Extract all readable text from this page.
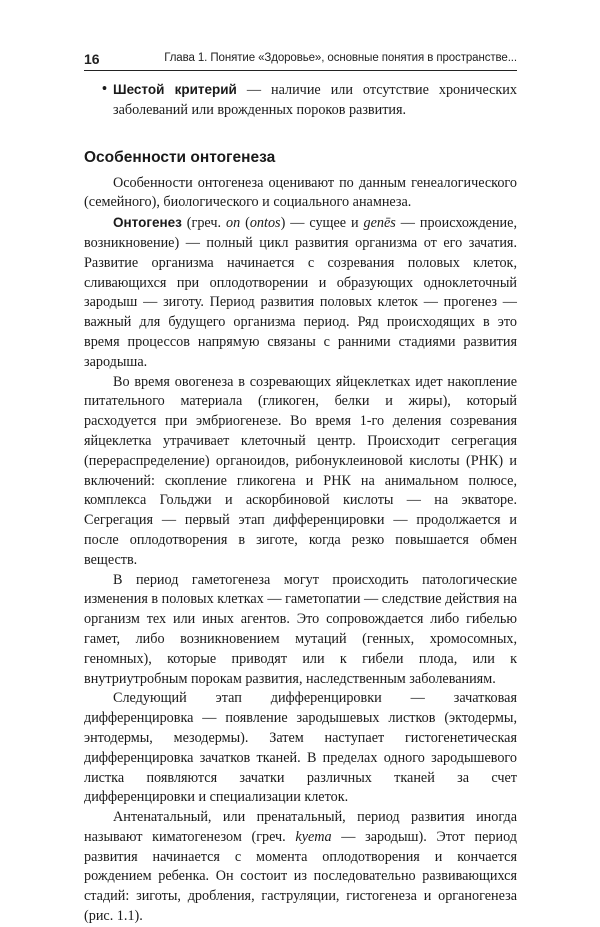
16	Глава 1. Понятие «Здоровье», основные понятия в пространстве...
• Шестой критерий — наличие или отсутствие хронических заболеваний или врожденных пороков развития.
Особенности онтогенеза

Особенности онтогенеза оценивают по данным генеалогического (семейного), биологического и социального анамнеза.

Онтогенез (греч. on (ontos) — сущее и genēs — происхождение, возникновение) — полный цикл развития организма от его зачатия. Развитие организма начинается с созревания половых клеток, сливающихся при оплодотворении и образующих одноклеточный зародыш — зиготу. Период развития половых клеток — прогенез — важный для будущего организма период. Ряд происходящих в это время процессов напрямую связаны с ранними стадиями развития зародыша.

Во время овогенеза в созревающих яйцеклетках идет накопление питательного материала (гликоген, белки и жиры), который расходуется при эмбриогенезе. Во время 1-го деления созревания яйцеклетка утрачивает клеточный центр. Происходит сегрегация (перераспределение) органоидов, рибонуклеиновой кислоты (РНК) и включений: скопление гликогена и РНК на анимальном полюсе, комплекса Гольджи и аскорбиновой кислоты — на экваторе. Сегрегация — первый этап дифференцировки — продолжается и после оплодотворения в зиготе, когда резко повышается обмен веществ.

В период гаметогенеза могут происходить патологические изменения в половых клетках — гаметопатии — следствие действия на организм тех или иных агентов. Это сопровождается либо гибелью гамет, либо возникновением мутаций (генных, хромосомных, геномных), которые приводят или к гибели плода, или к внутриутробным порокам развития, наследственным заболеваниям.

Следующий этап дифференцировки — зачатковая дифференцировка — появление зародышевых листков (эктодермы, энтодермы, мезодермы). Затем наступает гистогенетическая дифференцировка зачатков тканей. В пределах одного зародышевого листка появляются зачатки различных тканей за счет дифференцировки и специализации клеток.

Антенатальный, или пренатальный, период развития иногда называют киматогенезом (греч. kyema — зародыш). Этот период развития начинается с момента оплодотворения и кончается рождением ребенка. Он состоит из последовательно развивающихся стадий: зиготы, дробления, гаструляции, гистогенеза и органогенеза (рис. 1.1).
